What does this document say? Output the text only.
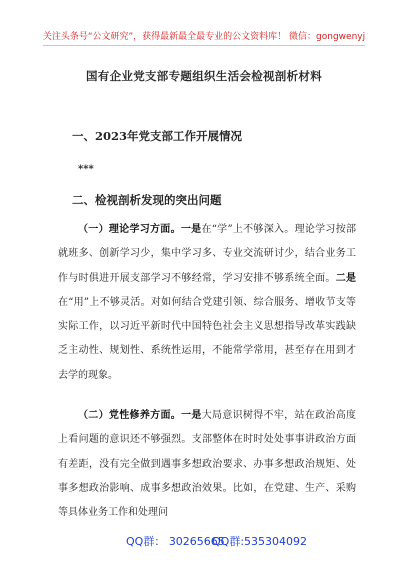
关注头条号“公文研究”，获得最新最全最专业的公文资料库！ 微信：gongwenyj
国有企业党支部专题组织生活会检视剖析材料
一、2023年党支部工作开展情况
***
二、检视剖析发现的突出问题

（一）理论学习方面。一是在“学”上不够深入。理论学习按部就班多、创新学习少，集中学习多、专业交流研讨少，结合业务工作与时俱进开展支部学习不够经常，学习安排不够系统全面。二是在“用”上不够灵活。对如何结合党建引领、综合服务、增收节支等实际工作，以习近平新时代中国特色社会主义思想指导改革实践缺乏主动性、规划性、系统性运用，不能常学常用，甚至存在用到才去学的现象。

（二）党性修养方面。一是大局意识树得不牢，站在政治高度上看问题的意识还不够强烈。支部整体在时时处处事事讲政治方面有差距，没有完全做到遇事多想政治要求、办事多想政治规矩、处事多想政治影响、成事多想政治效果。比如，在党建、生产、采购等具体业务工作和处理问

QQ群： 30265665
QQ群:535304092
